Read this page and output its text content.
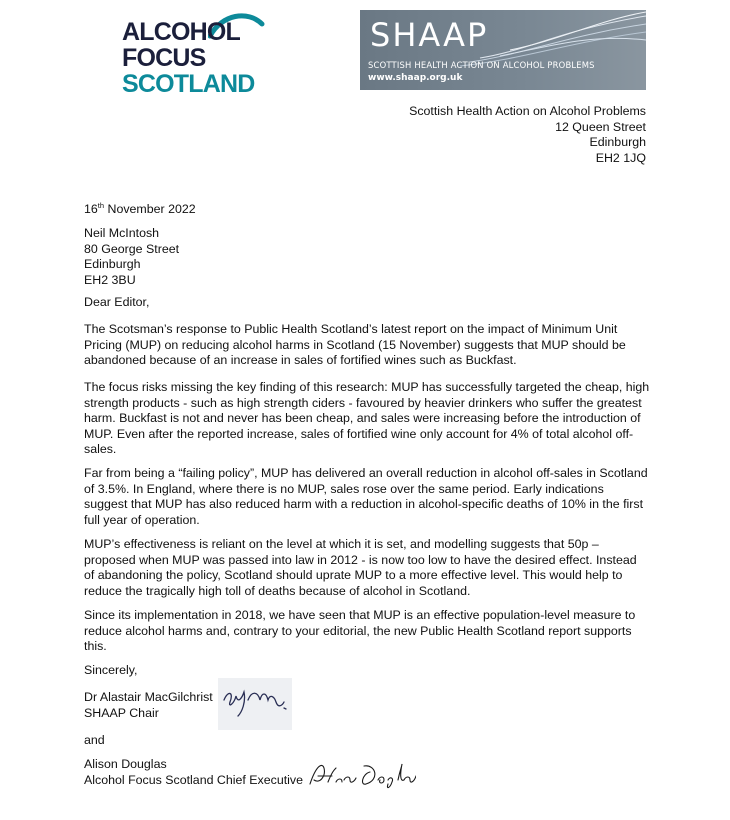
ALCOHOL

FOCUS

SCOTLAND

SHAAP

SCOTTISH HEALTH ACTION ON ALCOHOL PROBLEMS

www.shaap.org.uk

Scottish Health Action on Alcohol Problems
12 Queen Street
Edinburgh
EH2 1JQ
16th November 2022
Neil McIntosh
80 George Street
Edinburgh
EH2 3BU
Dear Editor,

The Scotsman’s response to Public Health Scotland’s latest report on the impact of Minimum Unit Pricing (MUP) on reducing alcohol harms in Scotland (15 November) suggests that MUP should be abandoned because of an increase in sales of fortified wines such as Buckfast.

The focus risks missing the key finding of this research: MUP has successfully targeted the cheap, high strength products - such as high strength ciders - favoured by heavier drinkers who suffer the greatest harm. Buckfast is not and never has been cheap, and sales were increasing before the introduction of MUP. Even after the reported increase, sales of fortified wine only account for 4% of total alcohol off-sales.

Far from being a “failing policy”, MUP has delivered an overall reduction in alcohol off-sales in Scotland of 3.5%. In England, where there is no MUP, sales rose over the same period. Early indications suggest that MUP has also reduced harm with a reduction in alcohol-specific deaths of 10% in the first full year of operation.

MUP’s effectiveness is reliant on the level at which it is set, and modelling suggests that 50p – proposed when MUP was passed into law in 2012 - is now too low to have the desired effect. Instead of abandoning the policy, Scotland should uprate MUP to a more effective level. This would help to reduce the tragically high toll of deaths because of alcohol in Scotland.

Since its implementation in 2018, we have seen that MUP is an effective population-level measure to reduce alcohol harms and, contrary to your editorial, the new Public Health Scotland report supports this.

Sincerely,
Dr Alastair MacGilchrist
SHAAP Chair
and
Alison Douglas
Alcohol Focus Scotland Chief Executive
